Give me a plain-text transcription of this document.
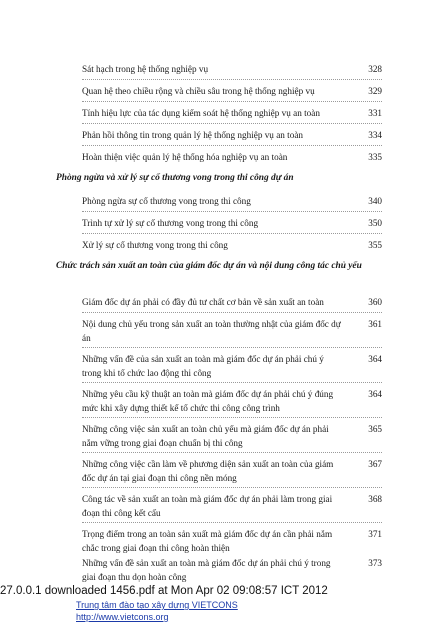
Sát hạch trong hệ thống nghiệp vụ	328
Quan hệ theo chiều rộng và chiều sâu trong hệ thống nghiệp vụ	329
Tính hiệu lực của tác dụng kiểm soát hệ thống nghiệp vụ an toàn	331
Phản hồi thông tin trong quản lý hệ thống nghiệp vụ an toàn	334
Hoàn thiện việc quản lý hệ thống hóa nghiệp vụ an toàn	335
Phòng ngừa và xử lý sự cố thương vong trong thi công dự án
Phòng ngừa sự cố thương vong trong thi công	340
Trình tự xử lý sự cố thương vong trong thi công	350
Xử lý sự cố thương vong trong thi công	355
Chức trách sản xuất an toàn của giám đốc dự án và nội dung công tác chủ yếu
Giám đốc dự án phải có đầy đủ tư chất cơ bản về sản xuất an toàn	360
Nội dung chủ yếu trong sản xuất an toàn thường nhật của giám đốc dự án
361
Những vấn đề của sản xuất an toàn mà giám đốc dự án phải chú ý trong khi tổ chức lao động thi công
364
Những yêu cầu kỹ thuật an toàn mà giám đốc dự án phải chú ý đúng mức khi xây dựng thiết kế tổ chức thi công công trình
364
Những công việc sản xuất an toàn chủ yếu mà giám đốc dự án phải nắm vững trong giai đoạn chuẩn bị thi công
365
Những công việc cần làm về phương diện sản xuất an toàn của giám đốc dự án tại giai đoạn thi công nền móng
367
Công tác về sản xuất an toàn mà giám đốc dự án phải làm trong giai đoạn thi công kết cấu
368
Trọng điểm trong an toàn sản xuất mà giám đốc dự án cần phải nắm chắc trong giai đoạn thi công hoàn thiện
371
Những vấn đề sản xuất an toàn mà giám đốc dự án phải chú ý trong giai đoạn thu dọn hoàn công
373
27.0.0.1 downloaded 1456.pdf at Mon Apr 02 09:08:57 ICT 2012
Trung tâm đào tạo xây dựng VIETCONS
http://www.vietcons.org
